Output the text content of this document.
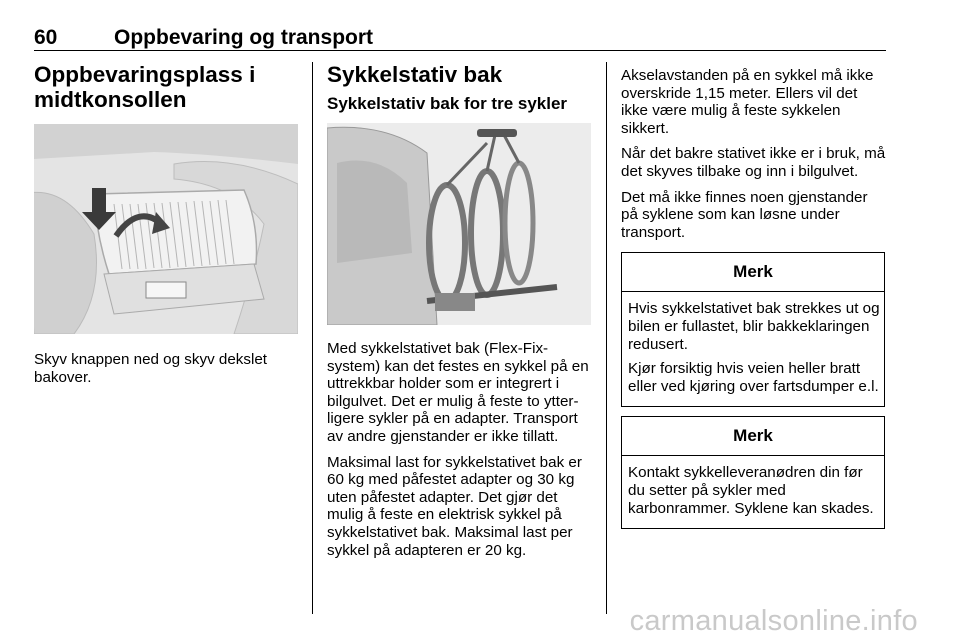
60	Oppbevaring og transport
Oppbevaringsplass i
midtkonsollen

Skyv knappen ned og skyv dekslet bakover.

Sykkelstativ bak
Sykkelstativ bak for tre sykler

Med sykkelstativet bak (Flex-Fix-system) kan det festes en sykkel på en uttrekkbar holder som er integrert i bilgulvet. Det er mulig å feste to ytterligere sykler på en adapter. Transport av andre gjenstander er ikke tillatt.

Maksimal last for sykkelstativet bak er 60 kg med påfestet adapter og 30 kg uten påfestet adapter. Det gjør det mulig å feste en elektrisk sykkel på sykkelstativet bak. Maksimal last per sykkel på adapteren er 20 kg.

Akselavstanden på en sykkel må ikke overskride 1,15 meter. Ellers vil det ikke være mulig å feste sykkelen sikkert.

Når det bakre stativet ikke er i bruk, må det skyves tilbake og inn i bilgulvet.

Det må ikke finnes noen gjenstander på syklene som kan løsne under transport.

Merk

Hvis sykkelstativet bak strekkes ut og bilen er fullastet, blir bakkeklaringen redusert.

Kjør forsiktig hvis veien heller bratt eller ved kjøring over fartsdumper e.l.

Merk

Kontakt sykkelleveranødren din før du setter på sykler med karbonrammer. Syklene kan skades.

carmanualsonline.info
